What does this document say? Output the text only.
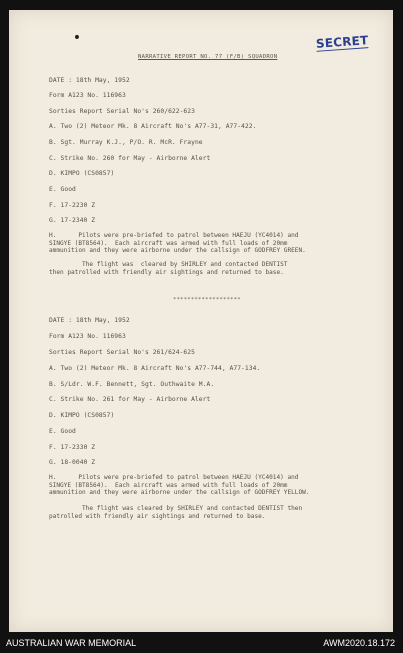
•	SECRET
NARRATIVE REPORT NO. 77 (F/B) SQUADRON
DATE : 18th May, 1952
Form A123 No. 116963
Sorties Report Serial No's 260/622-623
A. Two (2) Meteor Mk. 8 Aircraft No's A77-31, A77-422.
B. Sgt. Murray K.J., P/O. R. McR. Frayne
C. Strike No. 260 for May - Airborne Alert
D. KIMPO (CS0857)
E. Good
F. 17-2230 Z
G. 17-2340 Z
H.      Pilots were pre-briefed to patrol between HAEJU (YC4014) and
SINGYE (BT8564).  Each aircraft was armed with full loads of 20mm
ammunition and they were airborne under the callsign of GODFREY GREEN.
The flight was  cleared by SHIRLEY and contacted DENTIST
then patrolled with friendly air sightings and returned to base.
*******************
DATE : 18th May, 1952
Form A123 No. 116963
Sorties Report Serial No's 261/624-625
A. Two (2) Meteor Mk. 8 Aircraft No's A77-744, A77-134.
B. S/Ldr. W.F. Bennett, Sgt. Outhwaite M.A.
C. Strike No. 261 for May - Airborne Alert
D. KIMPO (CS0857)
E. Good
F. 17-2330 Z
G. 18-0040 Z
H.      Pilots were pre-briefed to patrol between HAEJU (YC4014) and
SINGYE (BT8564).  Each aircraft was armed with full loads of 20mm
ammunition and they were airborne under the callsign of GODFREY YELLOW.
The flight was cleared by SHIRLEY and contacted DENTIST then
patrolled with friendly air sightings and returned to base.
AUSTRALIAN WAR MEMORIAL	AWM2020.18.172
